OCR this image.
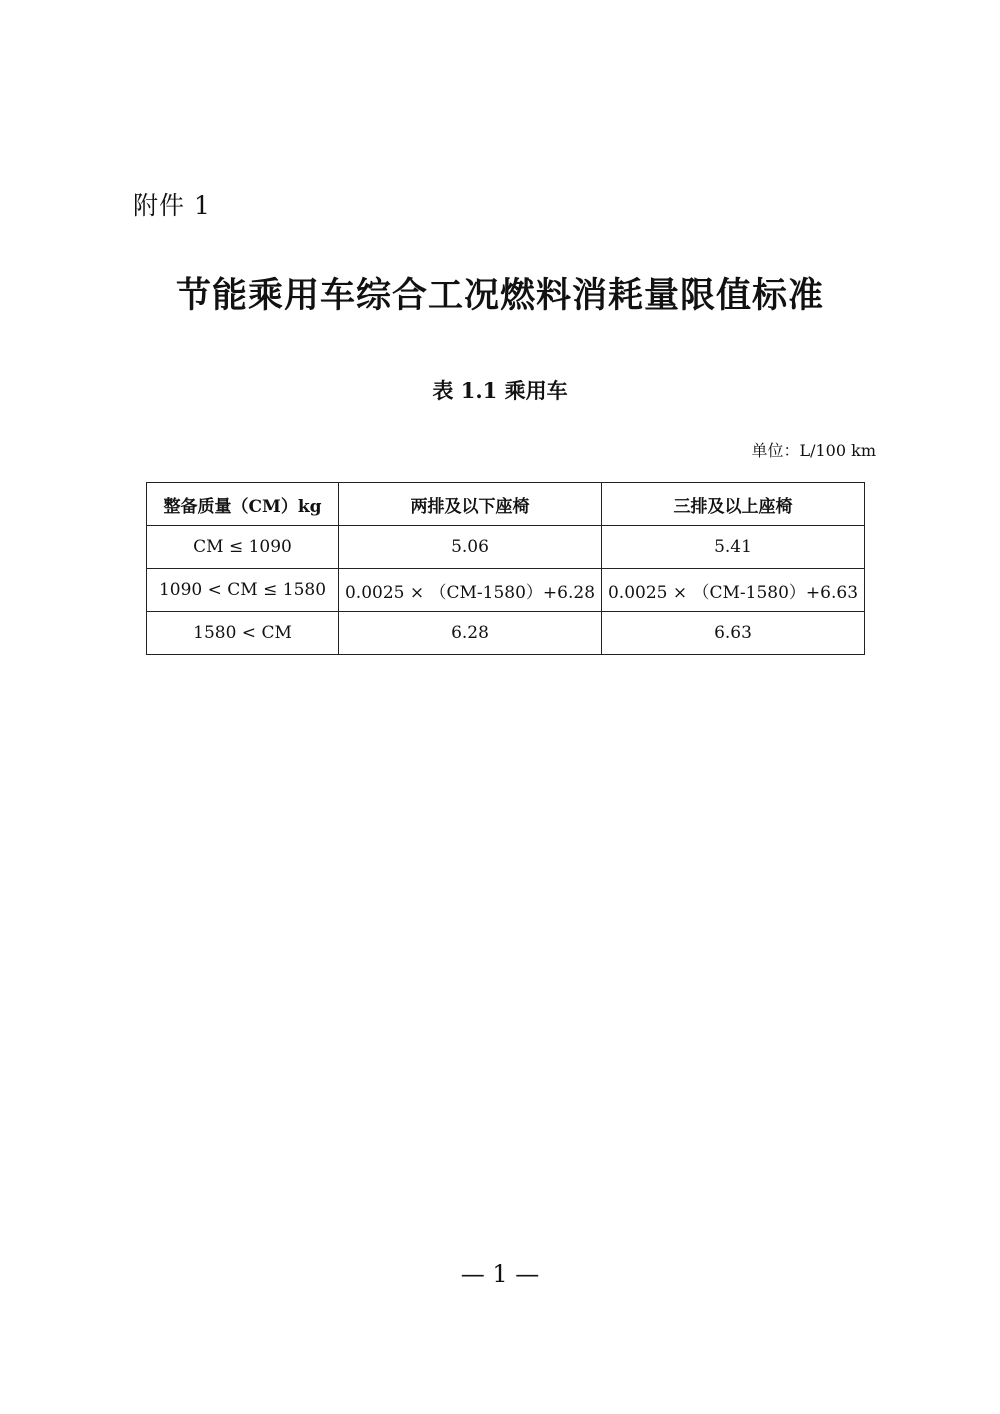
附件 1
节能乘用车综合工况燃料消耗量限值标准
表 1.1 乘用车
单位：L/100 km
整备质量（CM）kg	两排及以下座椅	三排及以上座椅
CM ≤ 1090	5.06	5.41
1090 < CM ≤ 1580	0.0025 × （CM-1580）+6.28	0.0025 × （CM-1580）+6.63
1580 < CM	6.28	6.63
— 1 —
